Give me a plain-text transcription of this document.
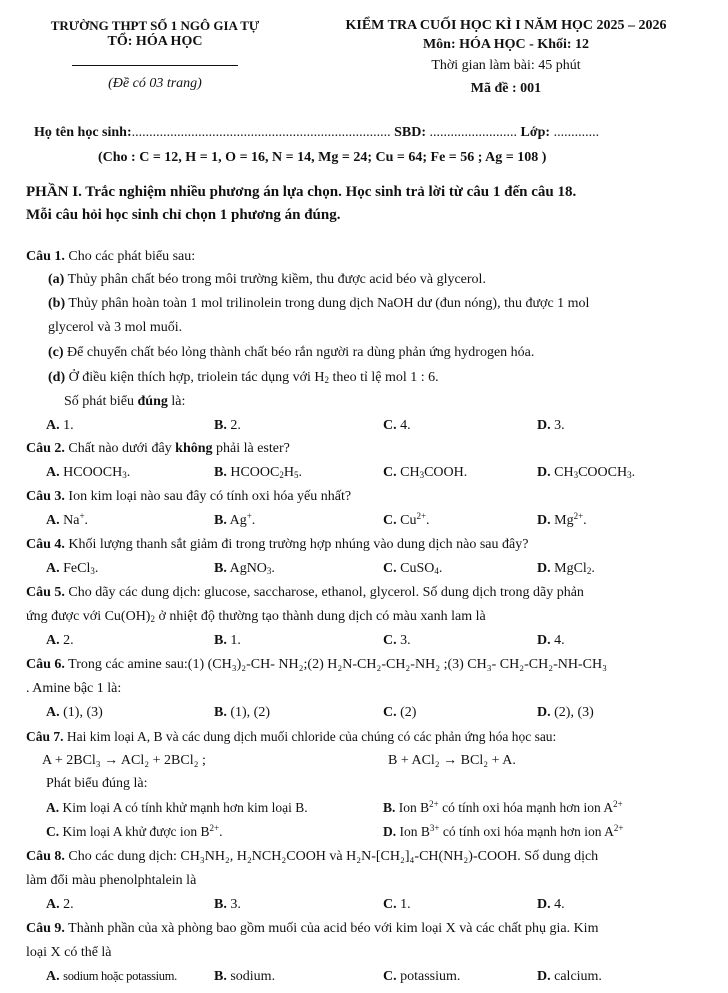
TRƯỜNG THPT SỐ 1 NGÔ GIA TỰ
TỔ: HÓA HỌC
(Đề có 03 trang)
KIỂM TRA CUỐI HỌC KÌ I NĂM HỌC 2025 – 2026
Môn: HÓA HỌC - Khối: 12
Thời gian làm bài: 45 phút
Mã đề : 001
Họ tên học sinh:.......................................................................... SBD: ......................... Lớp: .............
(Cho : C = 12, H = 1, O = 16, N = 14, Mg = 24; Cu = 64; Fe = 56 ; Ag = 108 )
PHẦN I. Trắc nghiệm nhiều phương án lựa chọn. Học sinh trả lời từ câu 1 đến câu 18.
Mỗi câu hỏi học sinh chỉ chọn 1 phương án đúng.
Câu 1. Cho các phát biểu sau:
(a) Thủy phân chất béo trong môi trường kiềm, thu được acid béo và glycerol.
(b) Thủy phân hoàn toàn 1 mol trilinolein trong dung dịch NaOH dư (đun nóng), thu được 1 mol
glycerol và 3 mol muối.
(c) Để chuyển chất béo lỏng thành chất béo rắn người ra dùng phản ứng hydrogen hóa.
(d) Ở điều kiện thích hợp, triolein tác dụng với $H_2$ theo tỉ lệ mol 1 : 6.
Số phát biểu đúng là:
A. 1.	B. 2.	C. 4.	D. 3.
Câu 2. Chất nào dưới đây không phải là ester?
A. $HCOOCH_3$.	B. $HCOOC_2H_5$.	C. $CH_3COOH$.	D. $CH_3COOCH_3$.
Câu 3. Ion kim loại nào sau đây có tính oxi hóa yếu nhất?
A. Na+.	B. Ag+.	C. $Cu^{2+}$.	D. $Mg^{2+}$.
Câu 4. Khối lượng thanh sắt giảm đi trong trường hợp nhúng vào dung dịch nào sau đây?
A. FeCl$_3$.	B. AgNO$_3$.	C. CuSO$_4$.	D. MgCl$_2$.
Câu 5. Cho dãy các dung dịch: glucose, saccharose, ethanol, glycerol. Số dung dịch trong dãy phản
ứng được với $Cu(OH)_2$ ở nhiệt độ thường tạo thành dung dịch có màu xanh lam là
A. 2.	B. 1.	C. 3.	D. 4.
Câu 6. Trong các amine sau:(1) (CH₃)₂-CH- NH₂;(2) H₂N-CH₂-CH₂-NH₂ ;(3) CH₃- CH₂-CH₂-NH-CH₃
. Amine bậc 1 là:
A. (1), (3)	B. (1), (2)	C. (2)	D. (2), (3)
Câu 7. Hai kim loại A, B và các dung dịch muối chloride của chúng có các phản ứng hóa học sau:
A + 2BCl₃ → ACl₂ + 2BCl₂ ;	B + ACl₂ → BCl₂ + A.
Phát biểu đúng là:
A. Kim loại A có tính khử mạnh hơn kim loại B.	B. Ion $B^{2+}$ có tính oxi hóa mạnh hơn ion $A^{2+}$
C. Kim loại A khử được ion $B^{2+}$.	D. Ion $B^{3+}$ có tính oxi hóa mạnh hơn ion $A^{2+}$
Câu 8. Cho các dung dịch: CH₃NH₂, H₂NCH₂COOH và H₂N-[CH₂]₄-CH(NH₂)-COOH. Số dung dịch
làm đổi màu phenolphtalein là
A. 2.	B. 3.	C. 1.	D. 4.
Câu 9. Thành phần của xà phòng bao gồm muối của acid béo với kim loại X và các chất phụ gia. Kim
loại X có thể là
A. sodium hoặc potassium.	B. sodium.	C. potassium.	D. calcium.
